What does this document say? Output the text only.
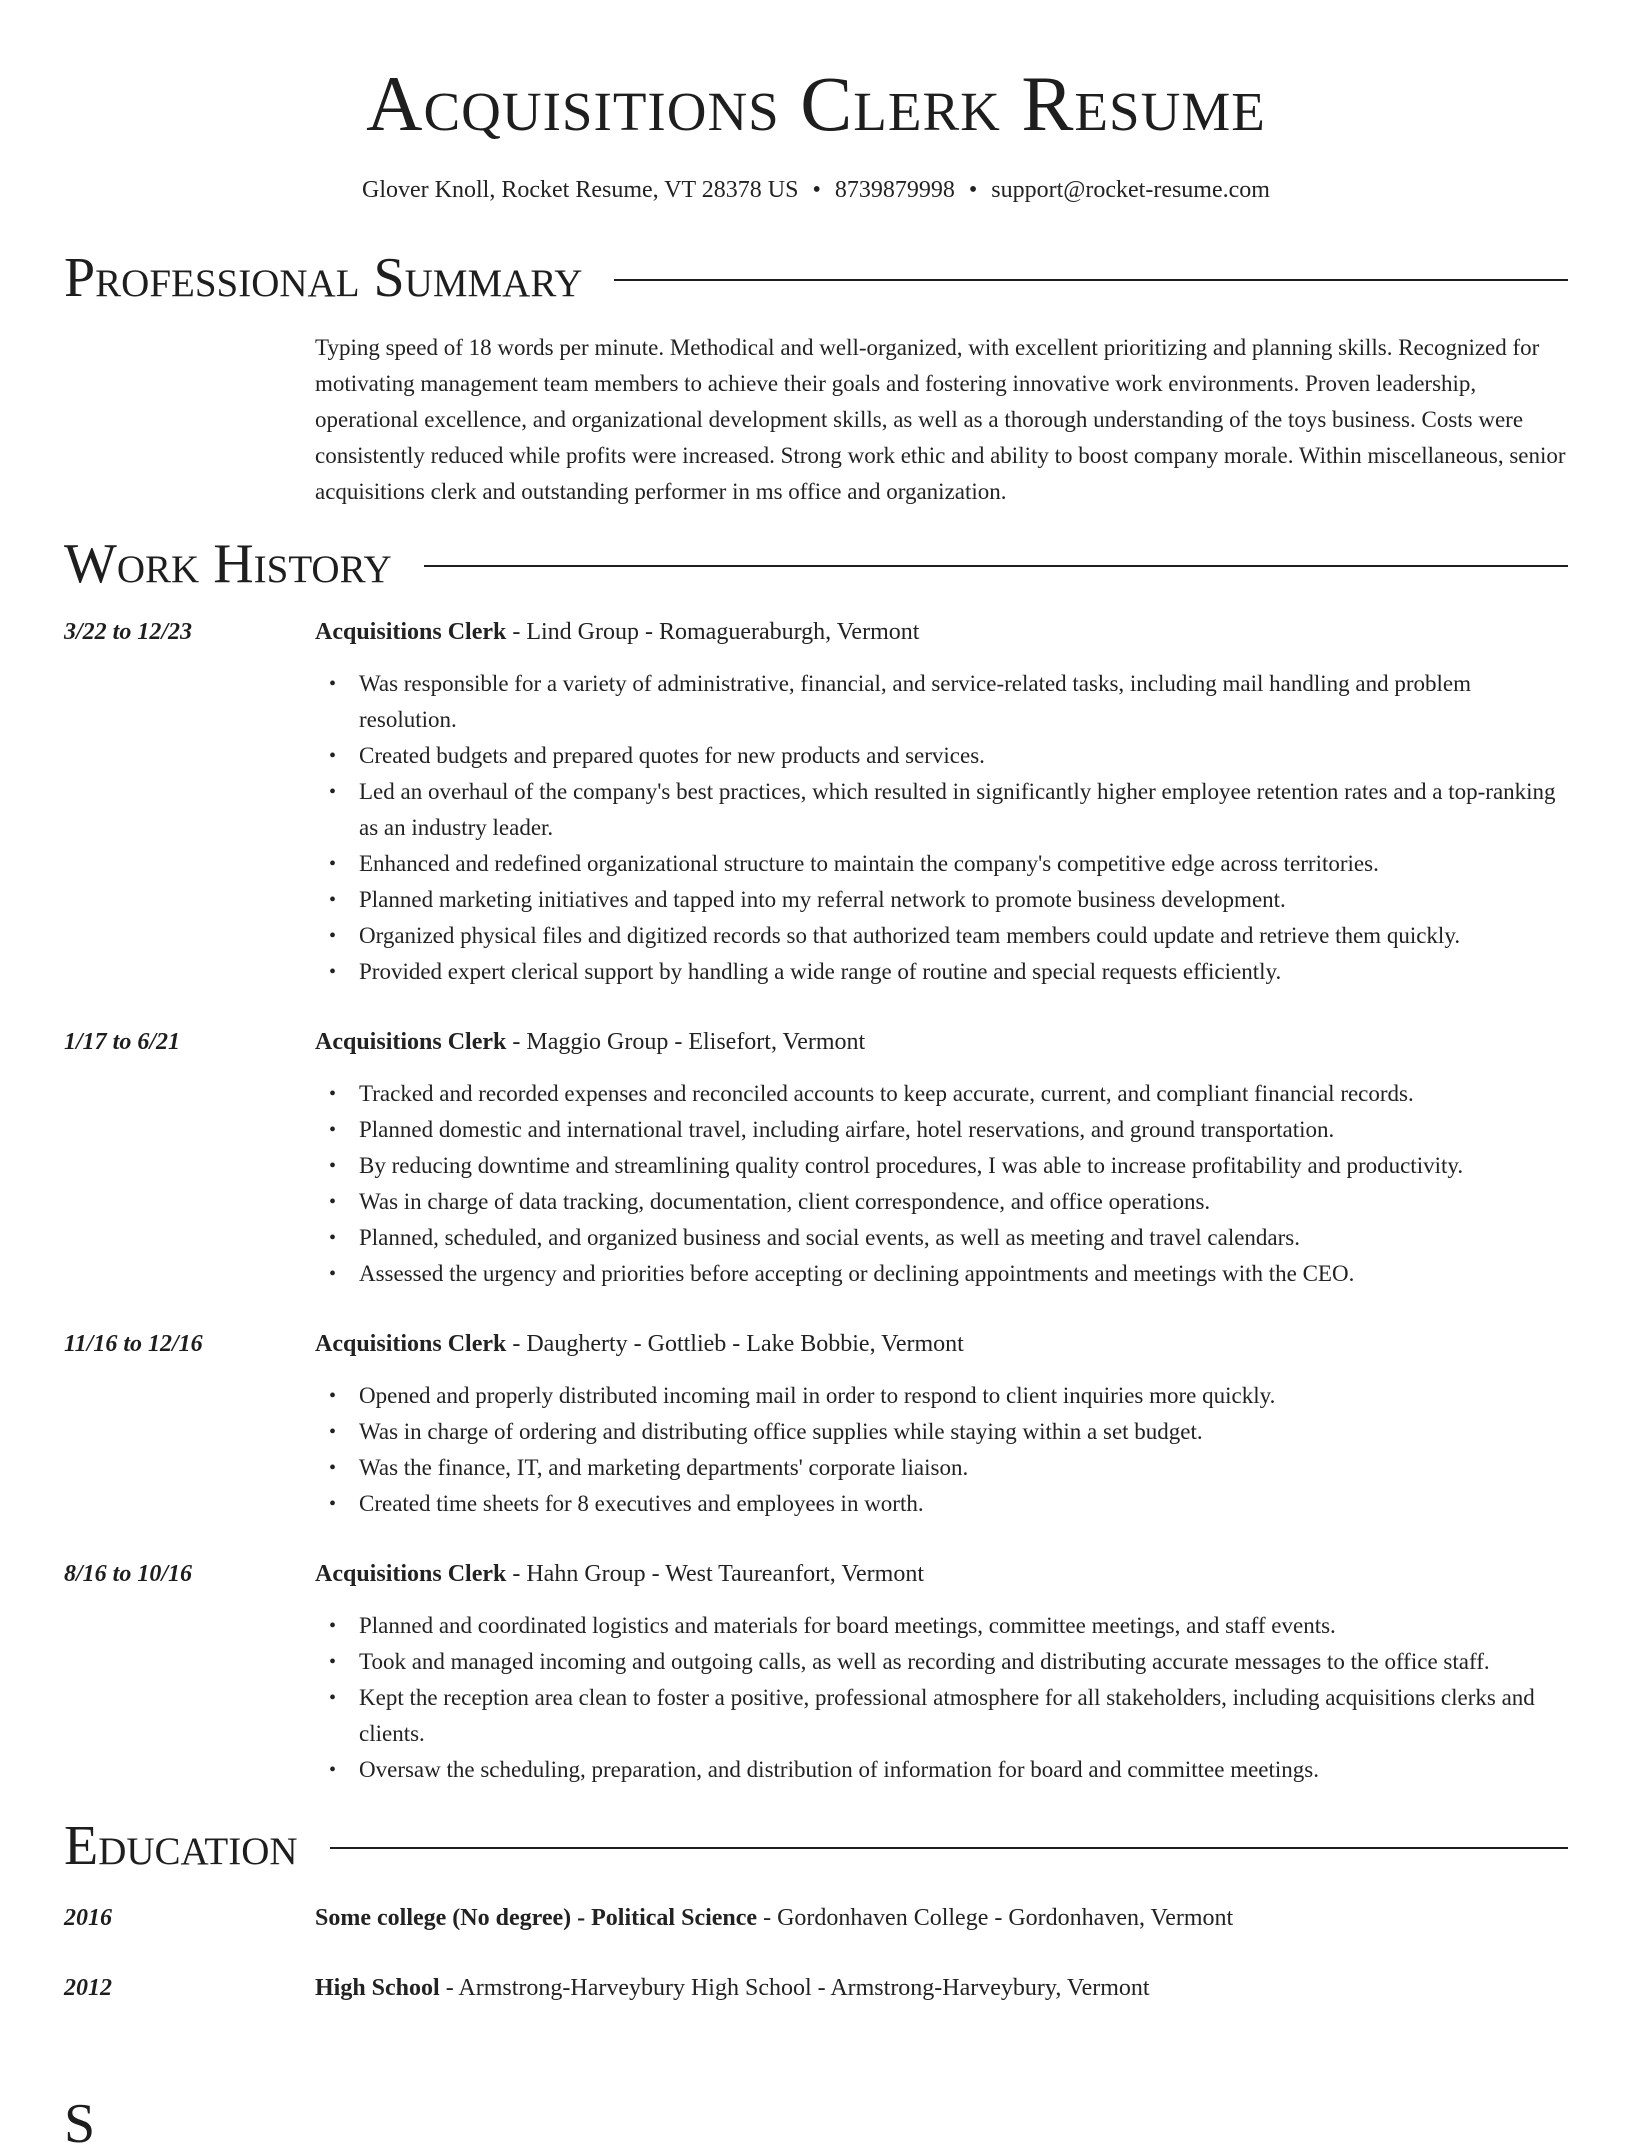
Acquisitions Clerk Resume
Glover Knoll, Rocket Resume, VT 28378 US • 8739879998 • support@rocket-resume.com
Professional Summary
Typing speed of 18 words per minute. Methodical and well-organized, with excellent prioritizing and planning skills. Recognized for motivating management team members to achieve their goals and fostering innovative work environments. Proven leadership, operational excellence, and organizational development skills, as well as a thorough understanding of the toys business. Costs were consistently reduced while profits were increased. Strong work ethic and ability to boost company morale. Within miscellaneous, senior acquisitions clerk and outstanding performer in ms office and organization.
Work History
3/22 to 12/23	Acquisitions Clerk - Lind Group - Romagueraburgh, Vermont
• Was responsible for a variety of administrative, financial, and service-related tasks, including mail handling and problem resolution.
• Created budgets and prepared quotes for new products and services.
• Led an overhaul of the company's best practices, which resulted in significantly higher employee retention rates and a top-ranking as an industry leader.
• Enhanced and redefined organizational structure to maintain the company's competitive edge across territories.
• Planned marketing initiatives and tapped into my referral network to promote business development.
• Organized physical files and digitized records so that authorized team members could update and retrieve them quickly.
• Provided expert clerical support by handling a wide range of routine and special requests efficiently.
1/17 to 6/21	Acquisitions Clerk - Maggio Group - Elisefort, Vermont
• Tracked and recorded expenses and reconciled accounts to keep accurate, current, and compliant financial records.
• Planned domestic and international travel, including airfare, hotel reservations, and ground transportation.
• By reducing downtime and streamlining quality control procedures, I was able to increase profitability and productivity.
• Was in charge of data tracking, documentation, client correspondence, and office operations.
• Planned, scheduled, and organized business and social events, as well as meeting and travel calendars.
• Assessed the urgency and priorities before accepting or declining appointments and meetings with the CEO.
11/16 to 12/16	Acquisitions Clerk - Daugherty - Gottlieb - Lake Bobbie, Vermont
• Opened and properly distributed incoming mail in order to respond to client inquiries more quickly.
• Was in charge of ordering and distributing office supplies while staying within a set budget.
• Was the finance, IT, and marketing departments' corporate liaison.
• Created time sheets for 8 executives and employees in worth.
8/16 to 10/16	Acquisitions Clerk - Hahn Group - West Taureanfort, Vermont
• Planned and coordinated logistics and materials for board meetings, committee meetings, and staff events.
• Took and managed incoming and outgoing calls, as well as recording and distributing accurate messages to the office staff.
• Kept the reception area clean to foster a positive, professional atmosphere for all stakeholders, including acquisitions clerks and clients.
• Oversaw the scheduling, preparation, and distribution of information for board and committee meetings.
Education
2016	Some college (No degree) - Political Science - Gordonhaven College - Gordonhaven, Vermont
2012	High School - Armstrong-Harveybury High School - Armstrong-Harveybury, Vermont
S
